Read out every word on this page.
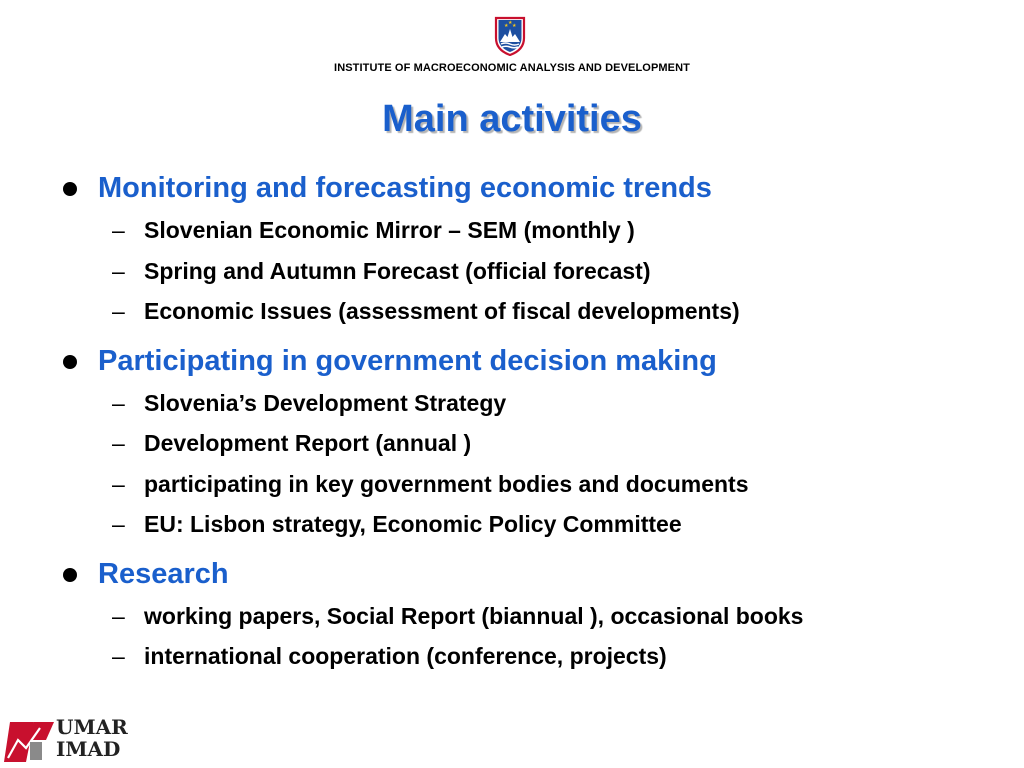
★ ★
★
INSTITUTE OF MACROECONOMIC ANALYSIS AND DEVELOPMENT
Main activities
Monitoring and forecasting economic trends
– Slovenian Economic Mirror – SEM (monthly )
– Spring and Autumn Forecast (official forecast)
– Economic Issues (assessment of fiscal developments)
Participating in government decision making
– Slovenia’s Development Strategy
– Development Report (annual )
– participating in key government bodies and documents
– EU: Lisbon strategy, Economic Policy Committee
Research
– working papers, Social Report (biannual ), occasional books
– international cooperation (conference, projects)
UMAR
IMAD
